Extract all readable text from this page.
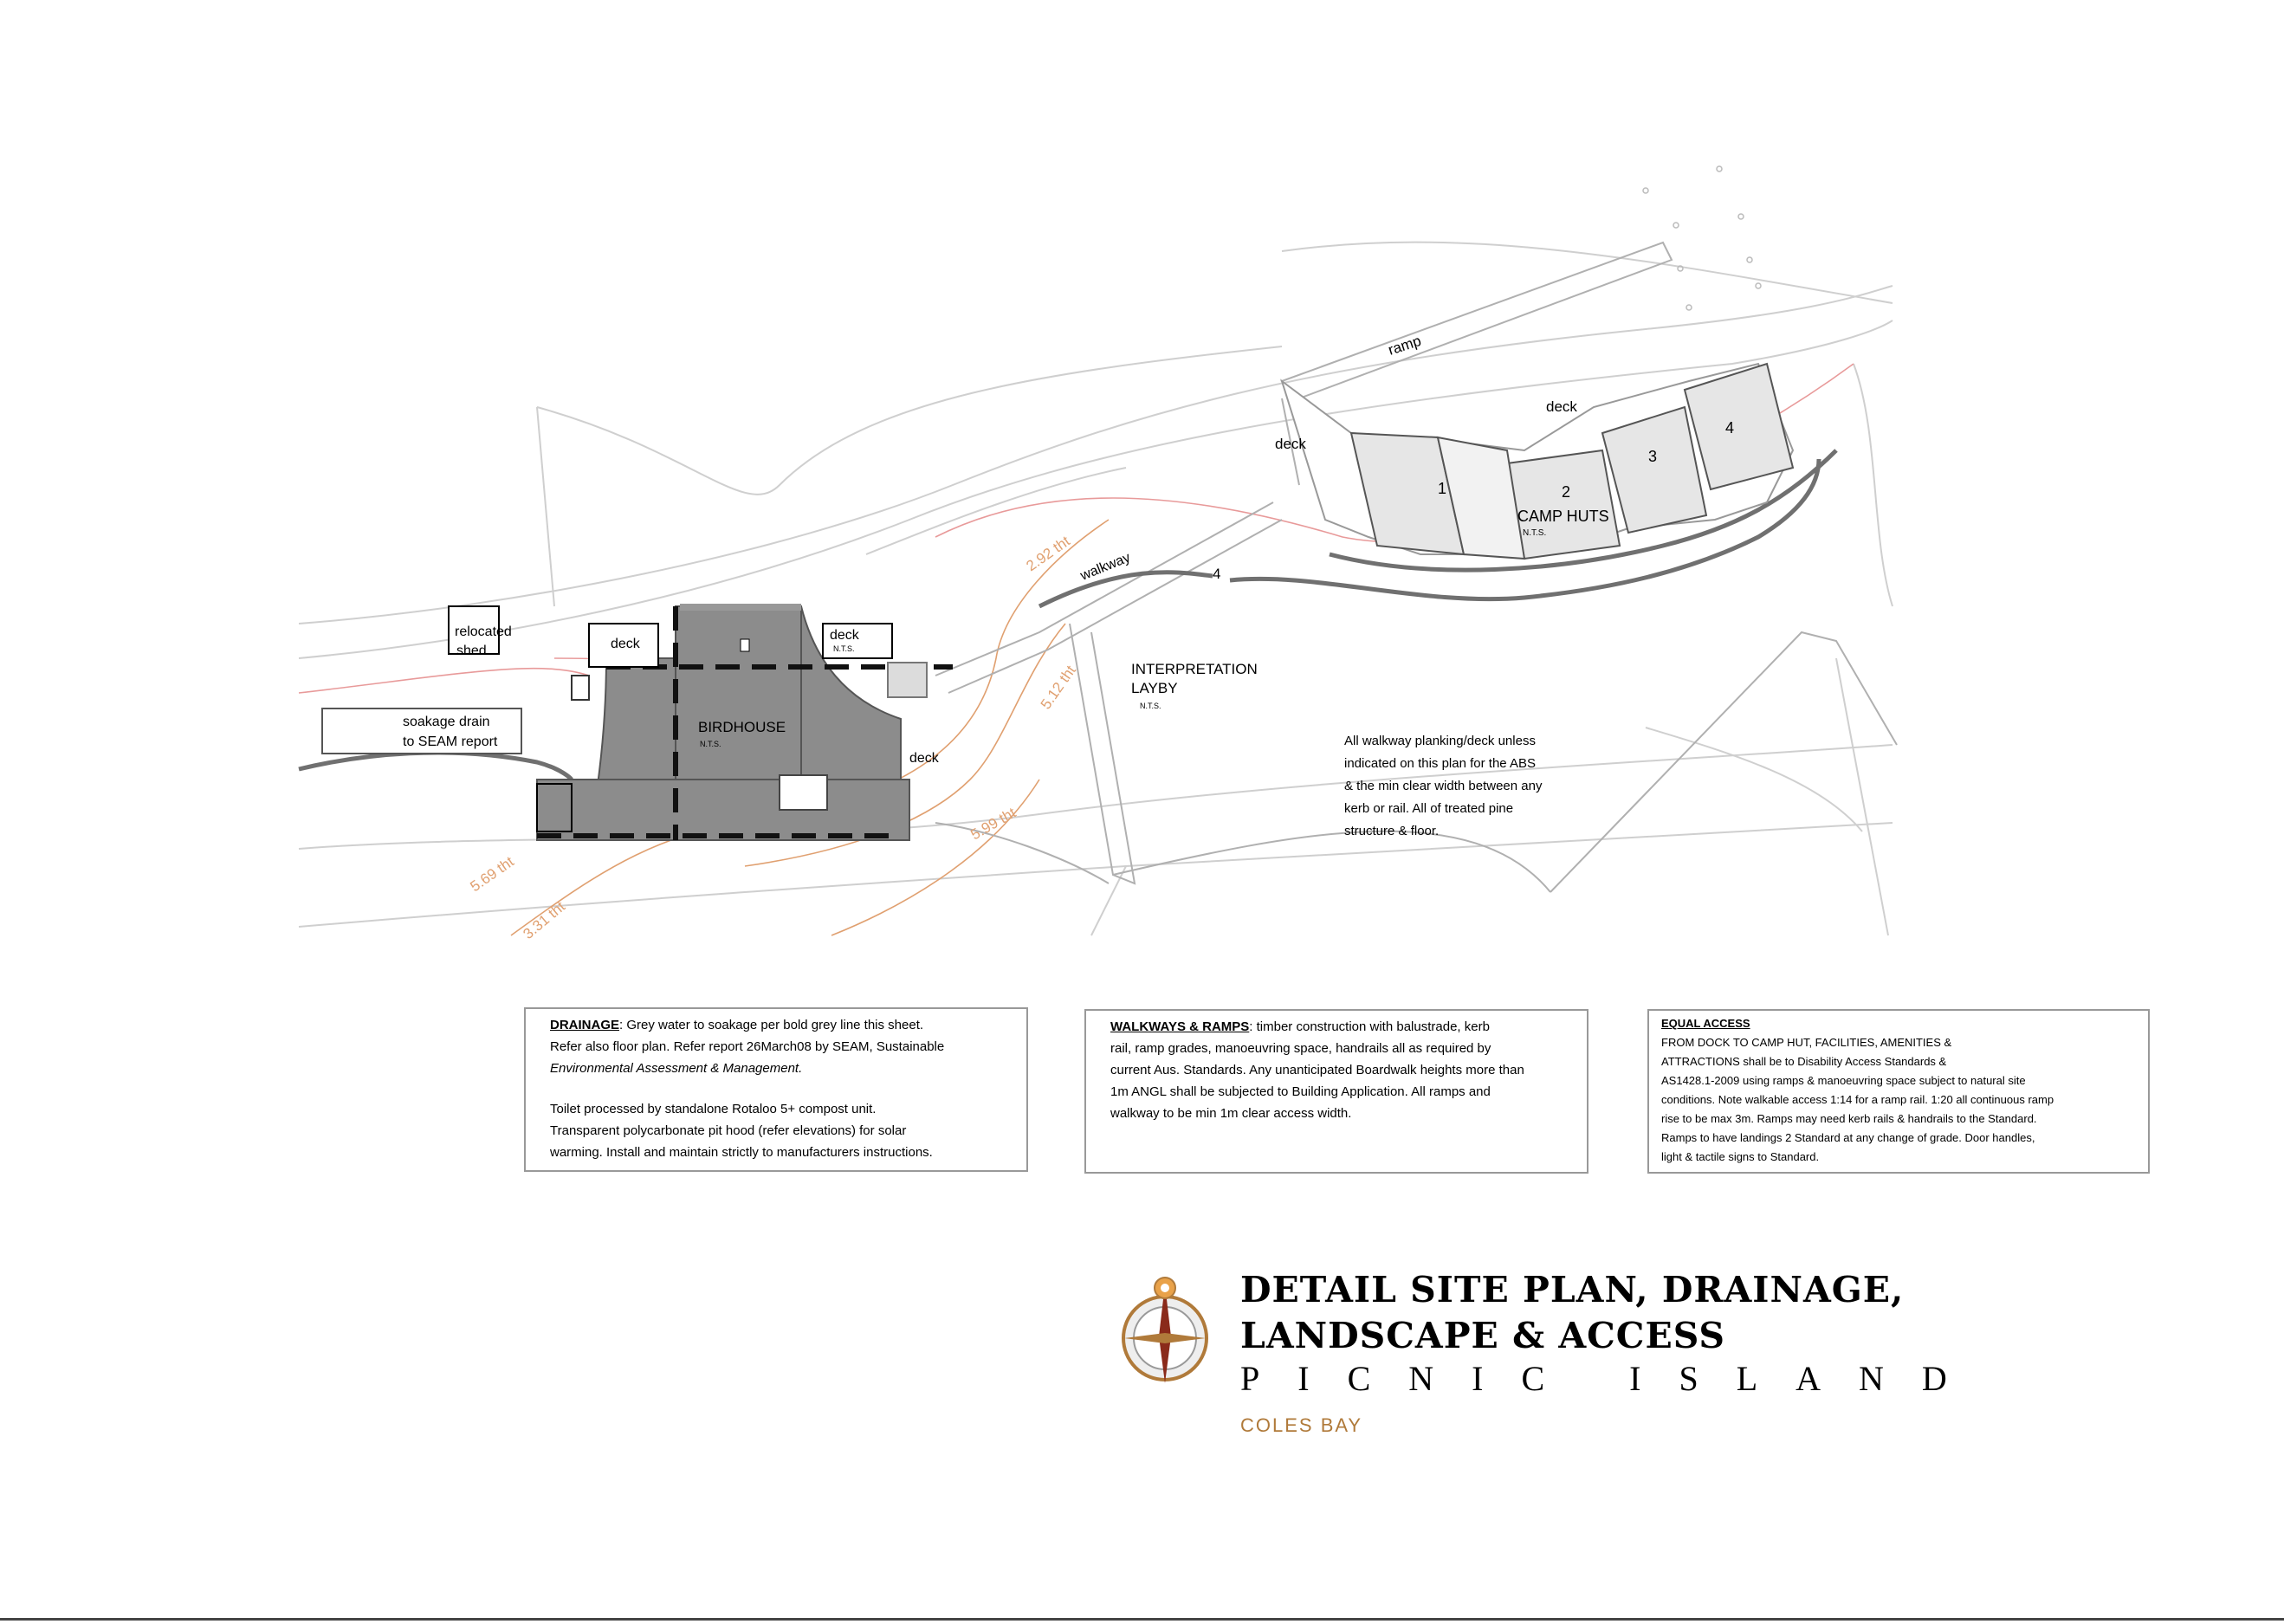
ramp
deck
deck
walkway	4
1	2
3
4
CAMP HUTS
N.T.S.
relocated
shed
soakage drain
to SEAM report
deck
deck
N.T.S.
deck
BIRDHOUSE
N.T.S.
INTERPRETATION
LAYBY
N.T.S.
All walkway planking/deck unless
indicated on this plan for the ABS
& the min clear width between any
kerb or rail. All of treated pine
structure & floor.
2.92 tht
5.12 tht
5.69 tht
3.31 tht
5.99 tht

DRAINAGE: Grey water to soakage per bold grey line this sheet.

Refer also floor plan. Refer report 26March08 by SEAM, Sustainable

Environmental Assessment & Management.

Toilet processed by standalone Rotaloo 5+ compost unit.

Transparent polycarbonate pit hood (refer elevations) for solar

warming. Install and maintain strictly to manufacturers instructions.

WALKWAYS & RAMPS: timber construction with balustrade, kerb

rail, ramp grades, manoeuvring space, handrails all as required by

current Aus. Standards. Any unanticipated Boardwalk heights more than

1m ANGL shall be subjected to Building Application. All ramps and

walkway to be min 1m clear access width.

EQUAL ACCESS

FROM DOCK TO CAMP HUT, FACILITIES, AMENITIES &

ATTRACTIONS shall be to Disability Access Standards &

AS1428.1-2009 using ramps & manoeuvring space subject to natural site

conditions. Note walkable access 1:14 for a ramp rail. 1:20 all continuous ramp

rise to be max 3m. Ramps may need kerb rails & handrails to the Standard.

Ramps to have landings 2 Standard at any change of grade. Door handles,

light & tactile signs to Standard.

DETAIL SITE PLAN, DRAINAGE,
LANDSCAPE & ACCESS
PICNIC ISLAND
COLES BAY
